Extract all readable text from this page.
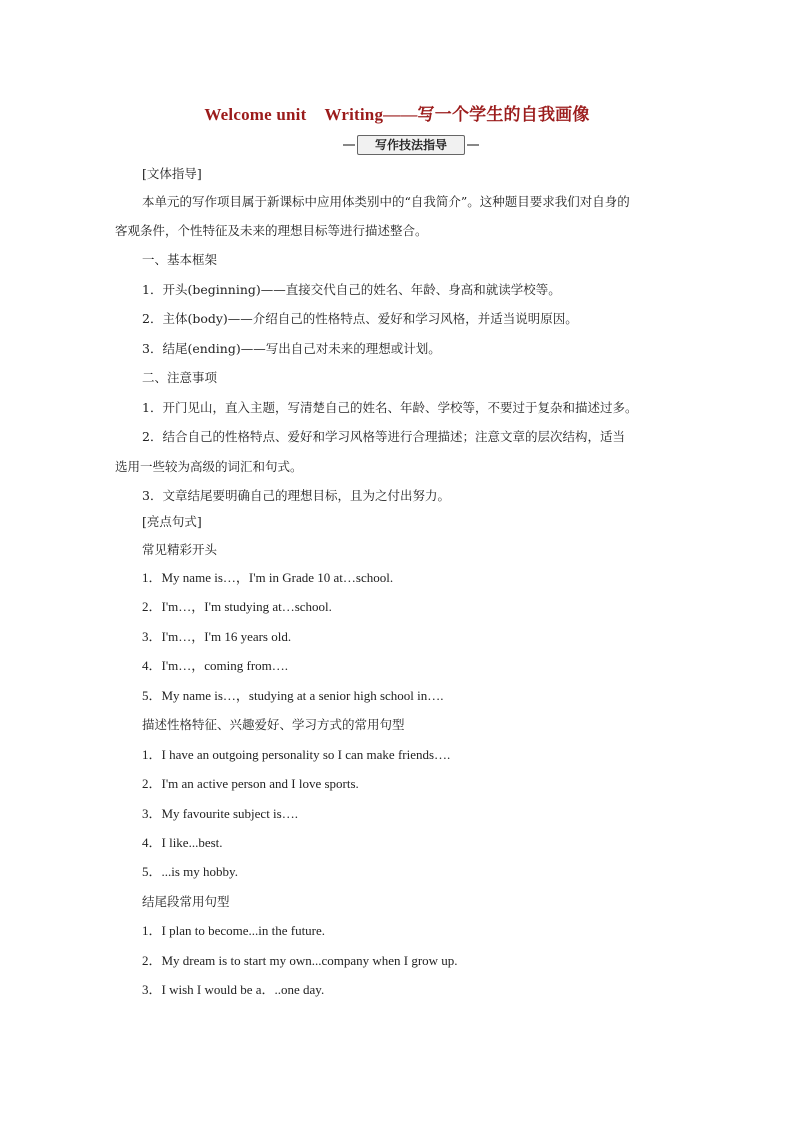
Welcome unit Writing——写一个学生的自我画像
写作技法指导
[文体指导]
本单元的写作项目属于新课标中应用体类别中的“自我简介”。这种题目要求我们对自身的
客观条件，个性特征及未来的理想目标等进行描述整合。
一、基本框架
1．开头(beginning)——直接交代自己的姓名、年龄、身高和就读学校等。
2．主体(body)——介绍自己的性格特点、爱好和学习风格，并适当说明原因。
3．结尾(ending)——写出自己对未来的理想或计划。
二、注意事项
1．开门见山，直入主题，写清楚自己的姓名、年龄、学校等，不要过于复杂和描述过多。
2．结合自己的性格特点、爱好和学习风格等进行合理描述；注意文章的层次结构，适当
选用一些较为高级的词汇和句式。
3．文章结尾要明确自己的理想目标，且为之付出努力。
[亮点句式]
常见精彩开头
1．My name is…，I'm in Grade 10 at…school.
2．I'm…，I'm studying at…school.
3．I'm…，I'm 16 years old.
4．I'm…，coming from….
5．My name is…，studying at a senior high school in….
描述性格特征、兴趣爱好、学习方式的常用句型
1．I have an outgoing personality so I can make friends….
2．I'm an active person and I love sports.
3．My favourite subject is….
4．I like...best.
5．...is my hobby.
结尾段常用句型
1．I plan to become...in the future.
2．My dream is to start my own...company when I grow up.
3．I wish I would be a．..one day.
